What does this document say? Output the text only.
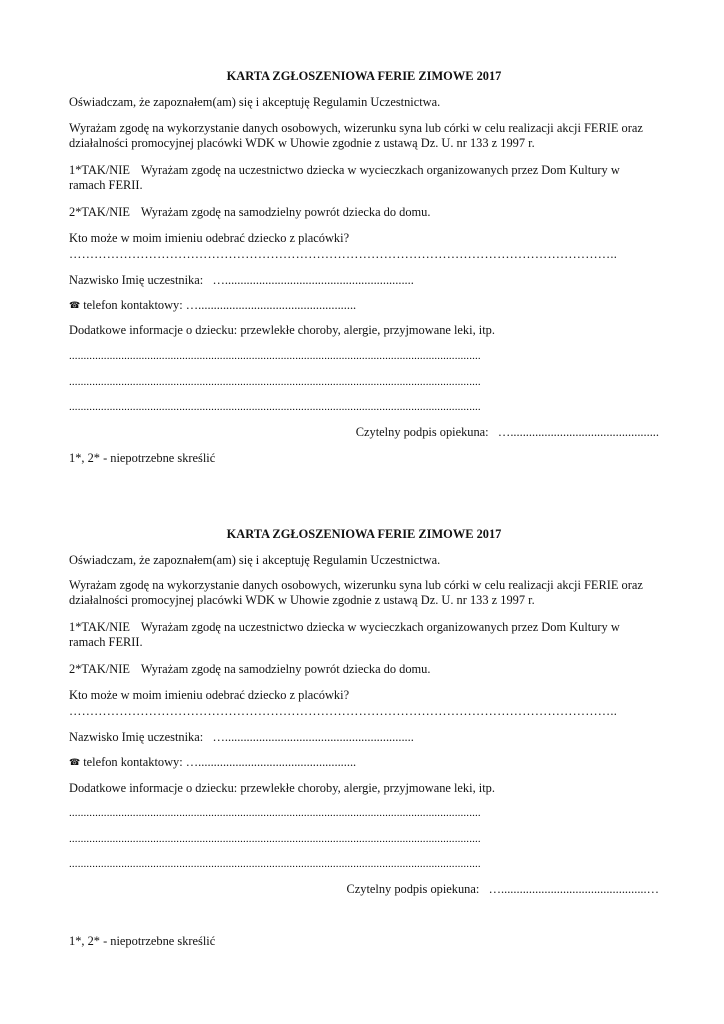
KARTA ZGŁOSZENIOWA FERIE ZIMOWE 2017

Oświadczam, że zapoznałem(am) się i akceptuję Regulamin Uczestnictwa.

Wyrażam zgodę na wykorzystanie danych osobowych, wizerunku syna lub córki w celu realizacji akcji FERIE oraz działalności promocyjnej placówki WDK w Uhowie zgodnie z ustawą Dz. U. nr 133 z 1997 r.

1*TAK/NIE Wyrażam zgodę na uczestnictwo dziecka w wycieczkach organizowanych przez Dom Kultury w ramach FERII.

2*TAK/NIE Wyrażam zgodę na samodzielny powrót dziecka do domu.

Kto może w moim imieniu odebrać dziecko z placówki?

…………………………………………………………………………………………………………………..

Nazwisko Imię uczestnika: ….............................................................

☎ telefon kontaktowy: …...................................................

Dodatkowe informacje o dziecku: przewlekłe choroby, alergie, przyjmowane leki, itp.

..............................................................................................................................................

..............................................................................................................................................

..............................................................................................................................................

Czytelny podpis opiekuna: …................................................

1*, 2* - niepotrzebne skreślić

KARTA ZGŁOSZENIOWA FERIE ZIMOWE 2017

Oświadczam, że zapoznałem(am) się i akceptuję Regulamin Uczestnictwa.

Wyrażam zgodę na wykorzystanie danych osobowych, wizerunku syna lub córki w celu realizacji akcji FERIE oraz działalności promocyjnej placówki WDK w Uhowie zgodnie z ustawą Dz. U. nr 133 z 1997 r.

1*TAK/NIE Wyrażam zgodę na uczestnictwo dziecka w wycieczkach organizowanych przez Dom Kultury w ramach FERII.

2*TAK/NIE Wyrażam zgodę na samodzielny powrót dziecka do domu.

Kto może w moim imieniu odebrać dziecko z placówki?

…………………………………………………………………………………………………………………..

Nazwisko Imię uczestnika: ….............................................................

☎ telefon kontaktowy: …...................................................

Dodatkowe informacje o dziecku: przewlekłe choroby, alergie, przyjmowane leki, itp.

..............................................................................................................................................

..............................................................................................................................................

..............................................................................................................................................

Czytelny podpis opiekuna: …...............................................…

1*, 2* - niepotrzebne skreślić
